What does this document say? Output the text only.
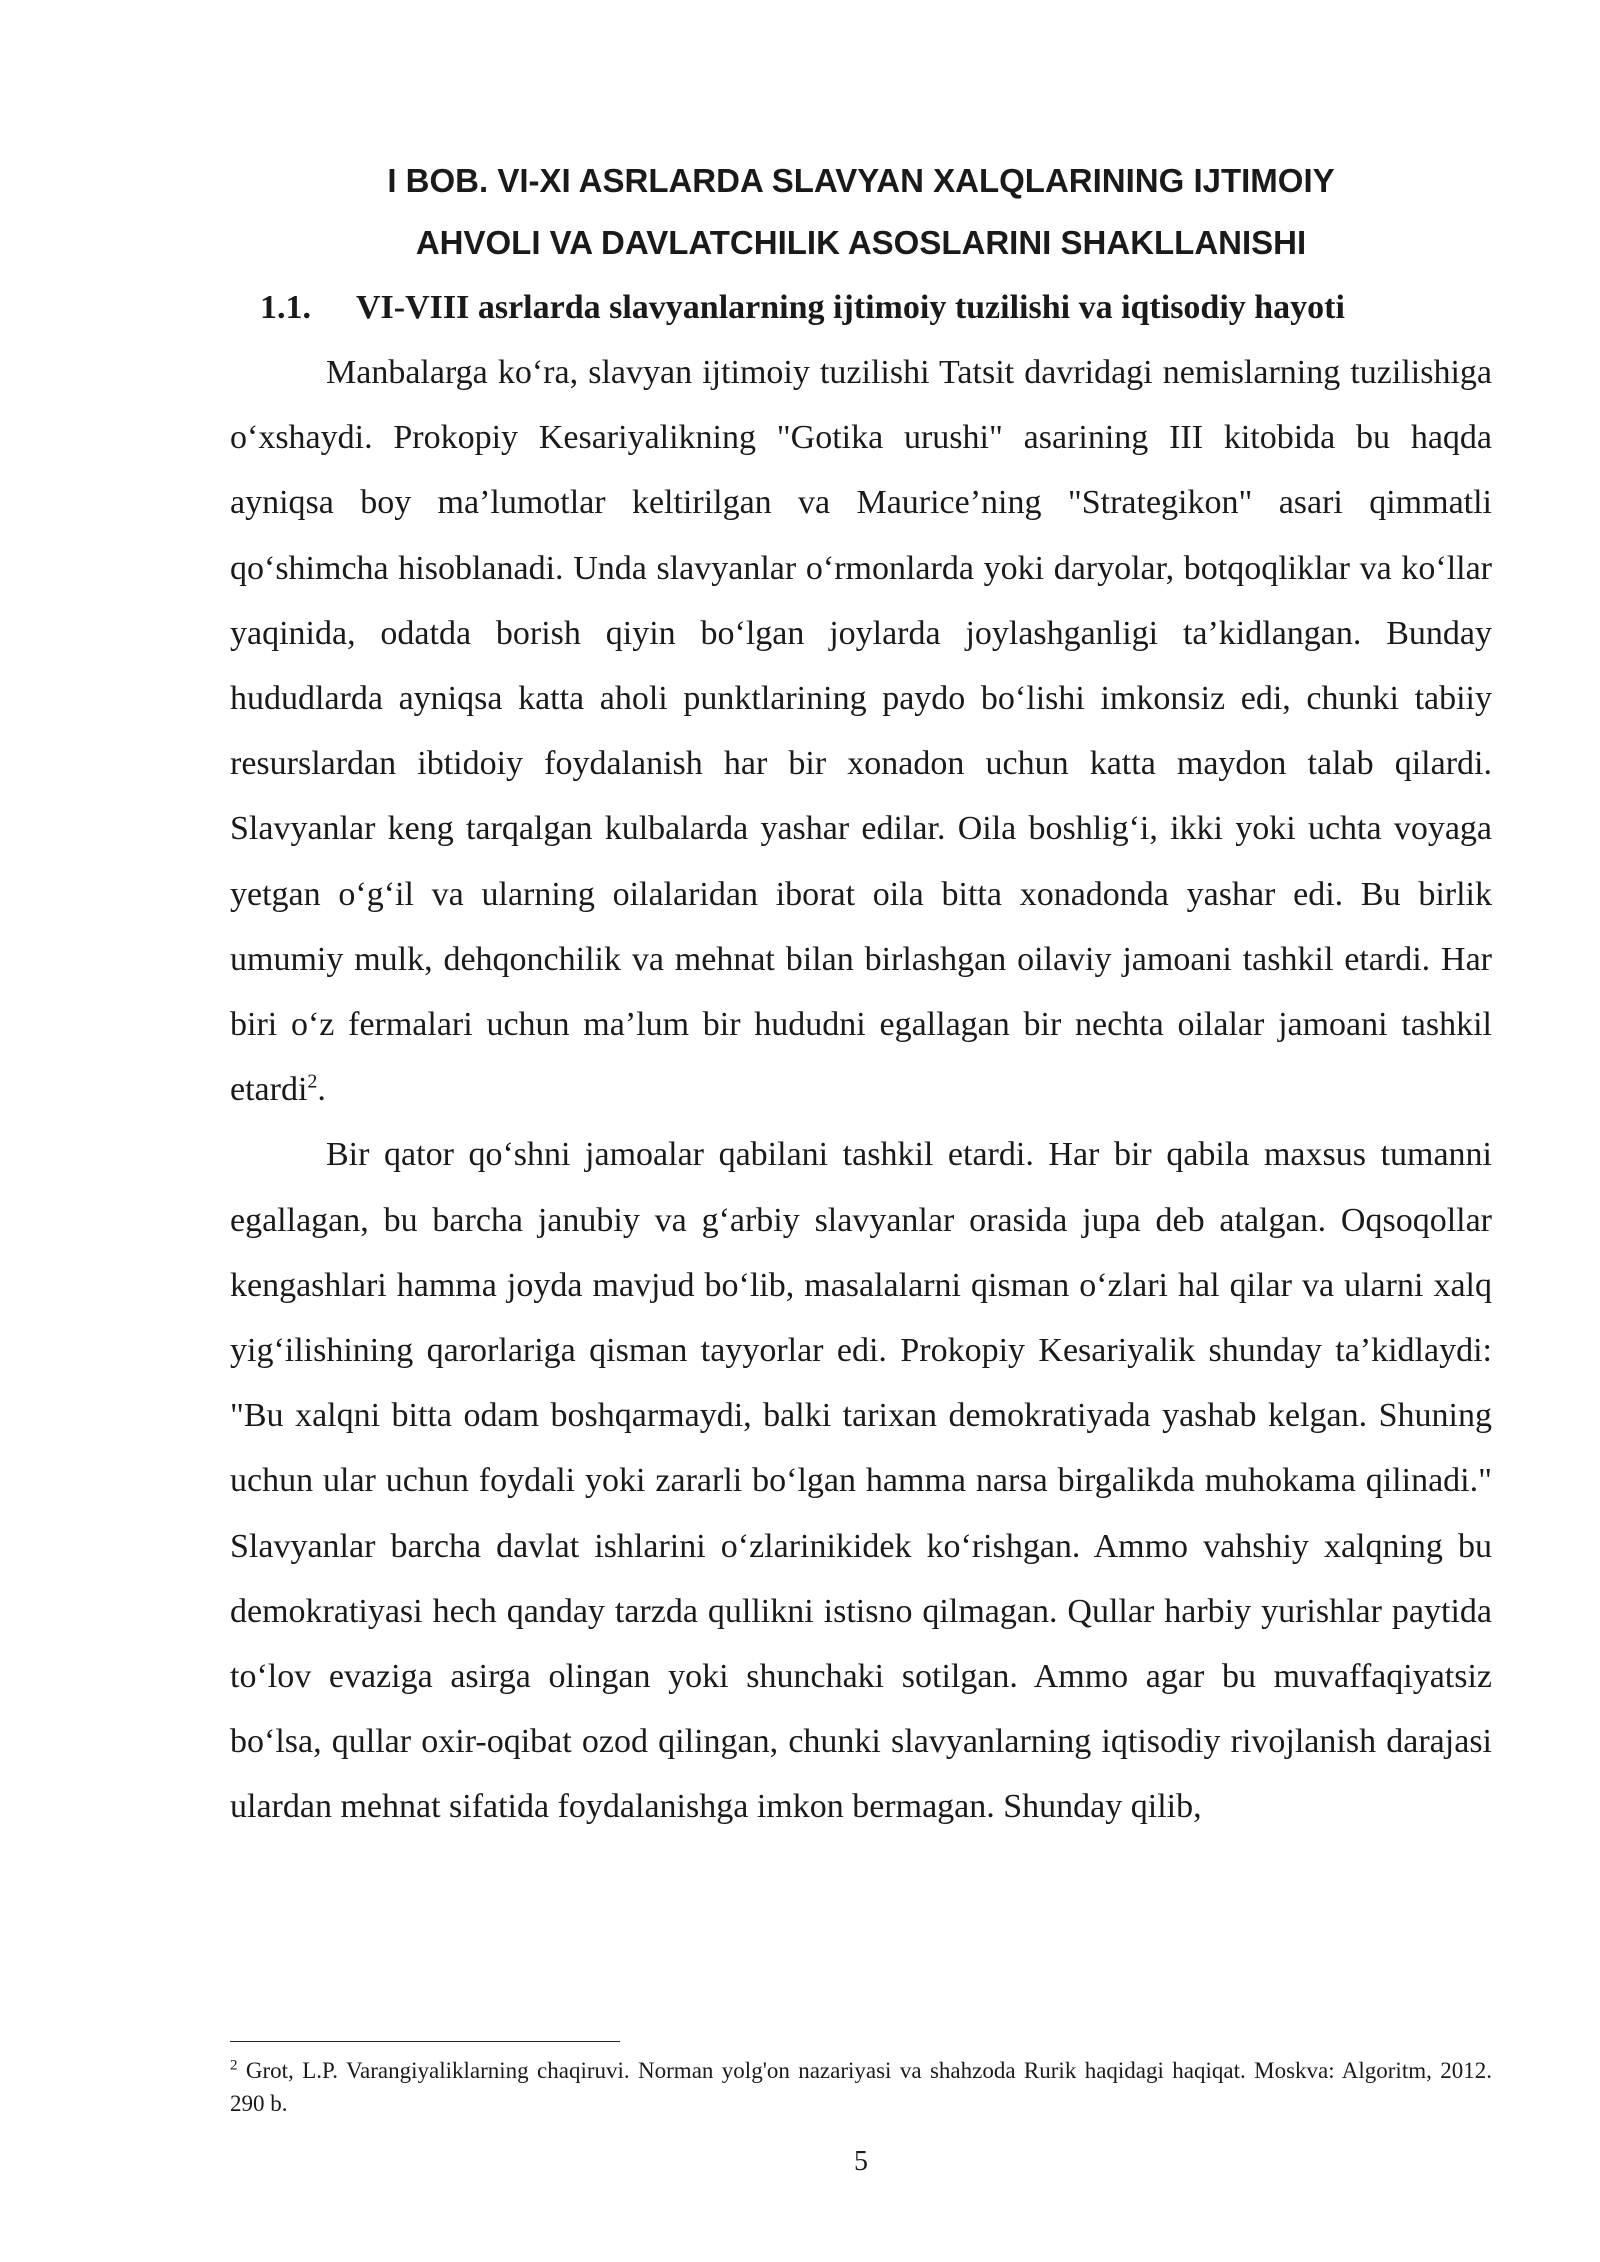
I BOB. VI-XI ASRLARDA SLAVYAN XALQLARINING IJTIMOIY
AHVOLI VA DAVLATCHILIK ASOSLARINI SHAKLLANISHI
1.1. VI-VIII asrlarda slavyanlarning ijtimoiy tuzilishi va iqtisodiy hayoti

Manbalarga ko‘ra, slavyan ijtimoiy tuzilishi Tatsit davridagi nemislarning tuzilishiga o‘xshaydi. Prokopiy Kesariyalikning "Gotika urushi" asarining III kitobida bu haqda ayniqsa boy ma’lumotlar keltirilgan va Maurice’ning "Strategikon" asari qimmatli qo‘shimcha hisoblanadi. Unda slavyanlar o‘rmonlarda yoki daryolar, botqoqliklar va ko‘llar yaqinida, odatda borish qiyin bo‘lgan joylarda joylashganligi ta’kidlangan. Bunday hududlarda ayniqsa katta aholi punktlarining paydo bo‘lishi imkonsiz edi, chunki tabiiy resurslardan ibtidoiy foydalanish har bir xonadon uchun katta maydon talab qilardi. Slavyanlar keng tarqalgan kulbalarda yashar edilar. Oila boshlig‘i, ikki yoki uchta voyaga yetgan o‘g‘il va ularning oilalaridan iborat oila bitta xonadonda yashar edi. Bu birlik umumiy mulk, dehqonchilik va mehnat bilan birlashgan oilaviy jamoani tashkil etardi. Har biri o‘z fermalari uchun ma’lum bir hududni egallagan bir nechta oilalar jamoani tashkil etardi$^2$.

Bir qator qo‘shni jamoalar qabilani tashkil etardi. Har bir qabila maxsus tumanni egallagan, bu barcha janubiy va g‘arbiy slavyanlar orasida jupa deb atalgan. Oqsoqollar kengashlari hamma joyda mavjud bo‘lib, masalalarni qisman o‘zlari hal qilar va ularni xalq yig‘ilishining qarorlariga qisman tayyorlar edi. Prokopiy Kesariyalik shunday ta’kidlaydi: "Bu xalqni bitta odam boshqarmaydi, balki tarixan demokratiyada yashab kelgan. Shuning uchun ular uchun foydali yoki zararli bo‘lgan hamma narsa birgalikda muhokama qilinadi." Slavyanlar barcha davlat ishlarini o‘zlarinikidek ko‘rishgan. Ammo vahshiy xalqning bu demokratiyasi hech qanday tarzda qullikni istisno qilmagan. Qullar harbiy yurishlar paytida to‘lov evaziga asirga olingan yoki shunchaki sotilgan. Ammo agar bu muvaffaqiyatsiz bo‘lsa, qullar oxir-oqibat ozod qilingan, chunki slavyanlarning iqtisodiy rivojlanish darajasi ulardan mehnat sifatida foydalanishga imkon bermagan. Shunday qilib,

$^2$ Grot, L.P. Varangiyaliklarning chaqiruvi. Norman yolg'on nazariyasi va shahzoda Rurik haqidagi haqiqat. Moskva: Algoritm, 2012. 290 b.

5
